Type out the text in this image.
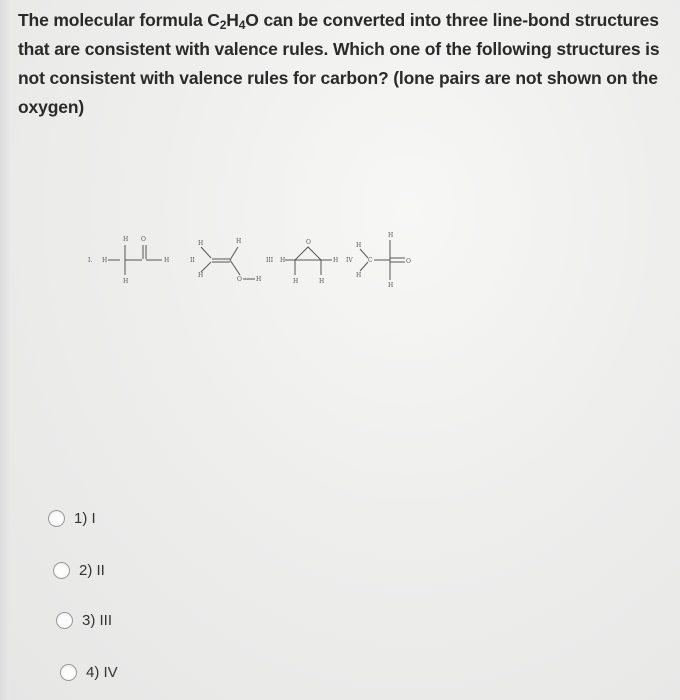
The molecular formula $C_2H_4O$ can be converted into three line-bond structures that are consistent with valence rules. Which one of the following structures is not consistent with valence rules for carbon? (lone pairs are not shown on the oxygen)
I. H
H
H
O
H	II
H
H
H
O H
III H
O
H	H
H IV
H
H
C
H
H
O
1) I
2) II
3) III
4) IV
